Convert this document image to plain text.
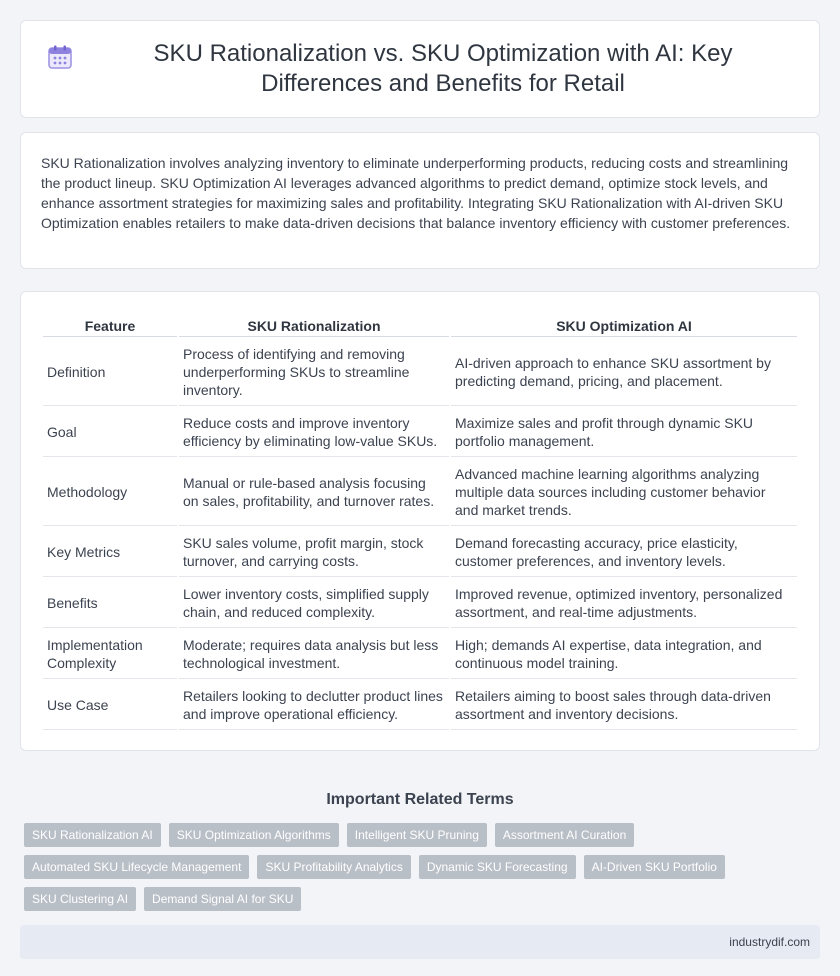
SKU Rationalization vs. SKU Optimization with AI: Key Differences and Benefits for Retail

SKU Rationalization involves analyzing inventory to eliminate underperforming products, reducing costs and streamlining the product lineup. SKU Optimization AI leverages advanced algorithms to predict demand, optimize stock levels, and enhance assortment strategies for maximizing sales and profitability. Integrating SKU Rationalization with AI-driven SKU Optimization enables retailers to make data-driven decisions that balance inventory efficiency with customer preferences.

Feature	SKU Rationalization	SKU Optimization AI
Definition	Process of identifying and removing underperforming SKUs to streamline inventory.	AI-driven approach to enhance SKU assortment by predicting demand, pricing, and placement.
Goal	Reduce costs and improve inventory efficiency by eliminating low-value SKUs.	Maximize sales and profit through dynamic SKU portfolio management.
Methodology	Manual or rule-based analysis focusing on sales, profitability, and turnover rates.	Advanced machine learning algorithms analyzing multiple data sources including customer behavior and market trends.
Key Metrics	SKU sales volume, profit margin, stock turnover, and carrying costs.	Demand forecasting accuracy, price elasticity, customer preferences, and inventory levels.
Benefits	Lower inventory costs, simplified supply chain, and reduced complexity.	Improved revenue, optimized inventory, personalized assortment, and real-time adjustments.
Implementation Complexity	Moderate; requires data analysis but less technological investment.	High; demands AI expertise, data integration, and continuous model training.
Use Case	Retailers looking to declutter product lines and improve operational efficiency.	Retailers aiming to boost sales through data-driven assortment and inventory decisions.
Important Related Terms
SKU Rationalization AI	SKU Optimization Algorithms	Intelligent SKU Pruning	Assortment AI Curation
Automated SKU Lifecycle Management	SKU Profitability Analytics	Dynamic SKU Forecasting	AI-Driven SKU Portfolio
SKU Clustering AI	Demand Signal AI for SKU
industrydif.com
